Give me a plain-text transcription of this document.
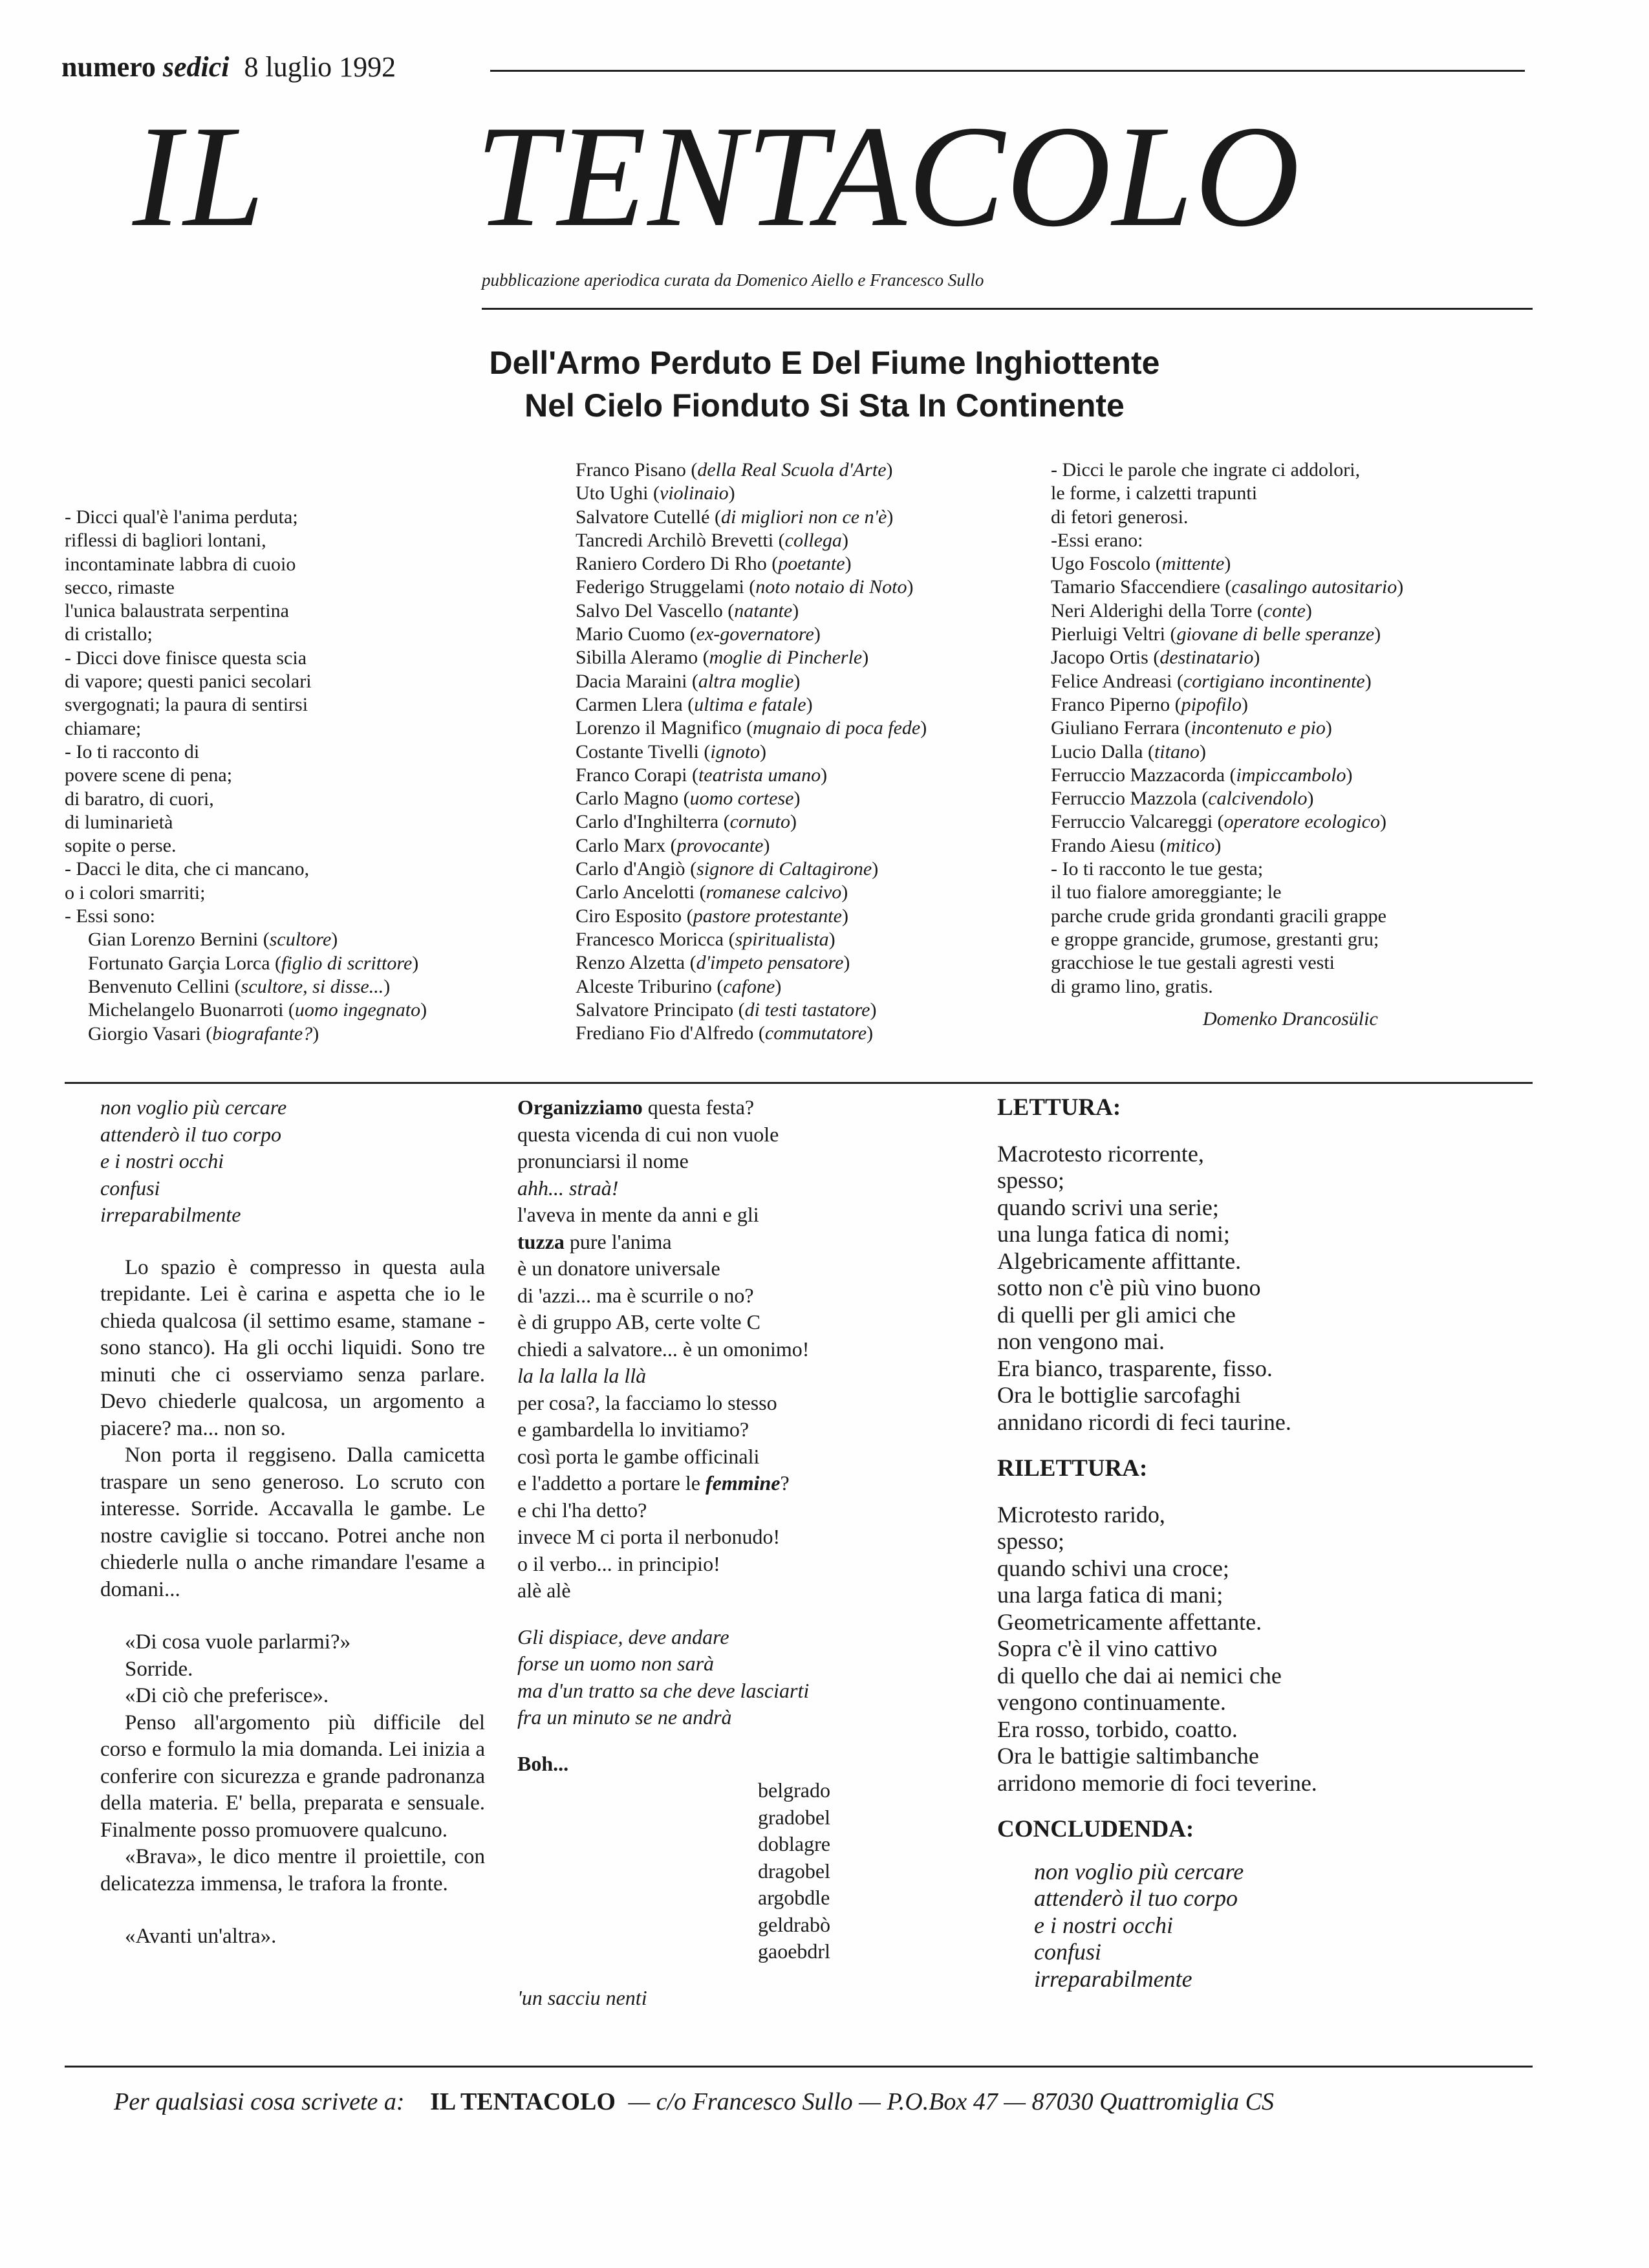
numero sedici 8 luglio 1992
IL TENTACOLO
pubblicazione aperiodica curata da Domenico Aiello e Francesco Sullo
Dell'Armo Perduto E Del Fiume Inghiottente
Nel Cielo Fionduto Si Sta In Continente
- Dicci qual'è l'anima perduta;
riflessi di bagliori lontani,
incontaminate labbra di cuoio
secco, rimaste
l'unica balaustrata serpentina
di cristallo;
- Dicci dove finisce questa scia
di vapore; questi panici secolari
svergognati; la paura di sentirsi
chiamare;
- Io ti racconto di
povere scene di pena;
di baratro, di cuori,
di luminarietà
sopite o perse.
- Dacci le dita, che ci mancano,
o i colori smarriti;
- Essi sono:
Gian Lorenzo Bernini (scultore)
Fortunato Garçia Lorca (figlio di scrittore)
Benvenuto Cellini (scultore, si disse...)
Michelangelo Buonarroti (uomo ingegnato)
Giorgio Vasari (biografante?)
Franco Pisano (della Real Scuola d'Arte)
Uto Ughi (violinaio)
Salvatore Cutellé (di migliori non ce n'è)
Tancredi Archilò Brevetti (collega)
Raniero Cordero Di Rho (poetante)
Federigo Struggelami (noto notaio di Noto)
Salvo Del Vascello (natante)
Mario Cuomo (ex-governatore)
Sibilla Aleramo (moglie di Pincherle)
Dacia Maraini (altra moglie)
Carmen Llera (ultima e fatale)
Lorenzo il Magnifico (mugnaio di poca fede)
Costante Tivelli (ignoto)
Franco Corapi (teatrista umano)
Carlo Magno (uomo cortese)
Carlo d'Inghilterra (cornuto)
Carlo Marx (provocante)
Carlo d'Angiò (signore di Caltagirone)
Carlo Ancelotti (romanese calcivo)
Ciro Esposito (pastore protestante)
Francesco Moricca (spiritualista)
Renzo Alzetta (d'impeto pensatore)
Alceste Triburino (cafone)
Salvatore Principato (di testi tastatore)
Frediano Fio d'Alfredo (commutatore)
- Dicci le parole che ingrate ci addolori,
le forme, i calzetti trapunti
di fetori generosi.
-Essi erano:
Ugo Foscolo (mittente)
Tamario Sfaccendiere (casalingo autositario)
Neri Alderighi della Torre (conte)
Pierluigi Veltri (giovane di belle speranze)
Jacopo Ortis (destinatario)
Felice Andreasi (cortigiano incontinente)
Franco Piperno (pipofilo)
Giuliano Ferrara (incontenuto e pio)
Lucio Dalla (titano)
Ferruccio Mazzacorda (impiccambolo)
Ferruccio Mazzola (calcivendolo)
Ferruccio Valcareggi (operatore ecologico)
Frando Aiesu (mitico)
- Io ti racconto le tue gesta;
il tuo fialore amoreggiante; le
parche crude grida grondanti gracili grappe
e groppe grancide, grumose, grestanti gru;
gracchiose le tue gestali agresti vesti
di gramo lino, gratis.
Domenko Drancosülic
non voglio più cercare
attenderò il tuo corpo
e i nostri occhi
confusi
irreparabilmente

Lo spazio è compresso in questa aula trepidante. Lei è carina e aspetta che io le chieda qualcosa (il settimo esame, stamane - sono stanco). Ha gli occhi liquidi. Sono tre minuti che ci osserviamo senza parlare. Devo chiederle qualcosa, un argomento a piacere? ma... non so.

Non porta il reggiseno. Dalla camicetta traspare un seno generoso. Lo scruto con interesse. Sorride. Accavalla le gambe. Le nostre caviglie si toccano. Potrei anche non chiederle nulla o anche rimandare l'esame a domani...

«Di cosa vuole parlarmi?»

Sorride.

«Di ciò che preferisce».

Penso all'argomento più difficile del corso e formulo la mia domanda. Lei inizia a conferire con sicurezza e grande padronanza della materia. E' bella, preparata e sensuale. Finalmente posso promuovere qualcuno.

«Brava», le dico mentre il proiettile, con delicatezza immensa, le trafora la fronte.

«Avanti un'altra».

Organizziamo questa festa?
questa vicenda di cui non vuole
pronunciarsi il nome
ahh... straà!
l'aveva in mente da anni e gli
tuzza pure l'anima
è un donatore universale
di 'azzi... ma è scurrile o no?
è di gruppo AB, certe volte C
chiedi a salvatore... è un omonimo!
la la lalla la llà
per cosa?, la facciamo lo stesso
e gambardella lo invitiamo?
così porta le gambe officinali
e l'addetto a portare le femmine?
e chi l'ha detto?
invece M ci porta il nerbonudo!
o il verbo... in principio!
alè alè
Gli dispiace, deve andare
forse un uomo non sarà
ma d'un tratto sa che deve lasciarti
fra un minuto se ne andrà
Boh...
belgrado
gradobel
doblagre
dragobel
argobdle
geldrabò
gaoebdrl
'un sacciu nenti
LETTURA:
Macrotesto ricorrente,
spesso;
quando scrivi una serie;
una lunga fatica di nomi;
Algebricamente affittante.
sotto non c'è più vino buono
di quelli per gli amici che
non vengono mai.
Era bianco, trasparente, fisso.
Ora le bottiglie sarcofaghi
annidano ricordi di feci taurine.
RILETTURA:
Microtesto rarido,
spesso;
quando schivi una croce;
una larga fatica di mani;
Geometricamente affettante.
Sopra c'è il vino cattivo
di quello che dai ai nemici che
vengono continuamente.
Era rosso, torbido, coatto.
Ora le battigie saltimbanche
arridono memorie di foci teverine.
CONCLUDENDA:
non voglio più cercare
attenderò il tuo corpo
e i nostri occhi
confusi
irreparabilmente
Per qualsiasi cosa scrivete a: IL TENTACOLO — c/o Francesco Sullo — P.O.Box 47 — 87030 Quattromiglia CS
